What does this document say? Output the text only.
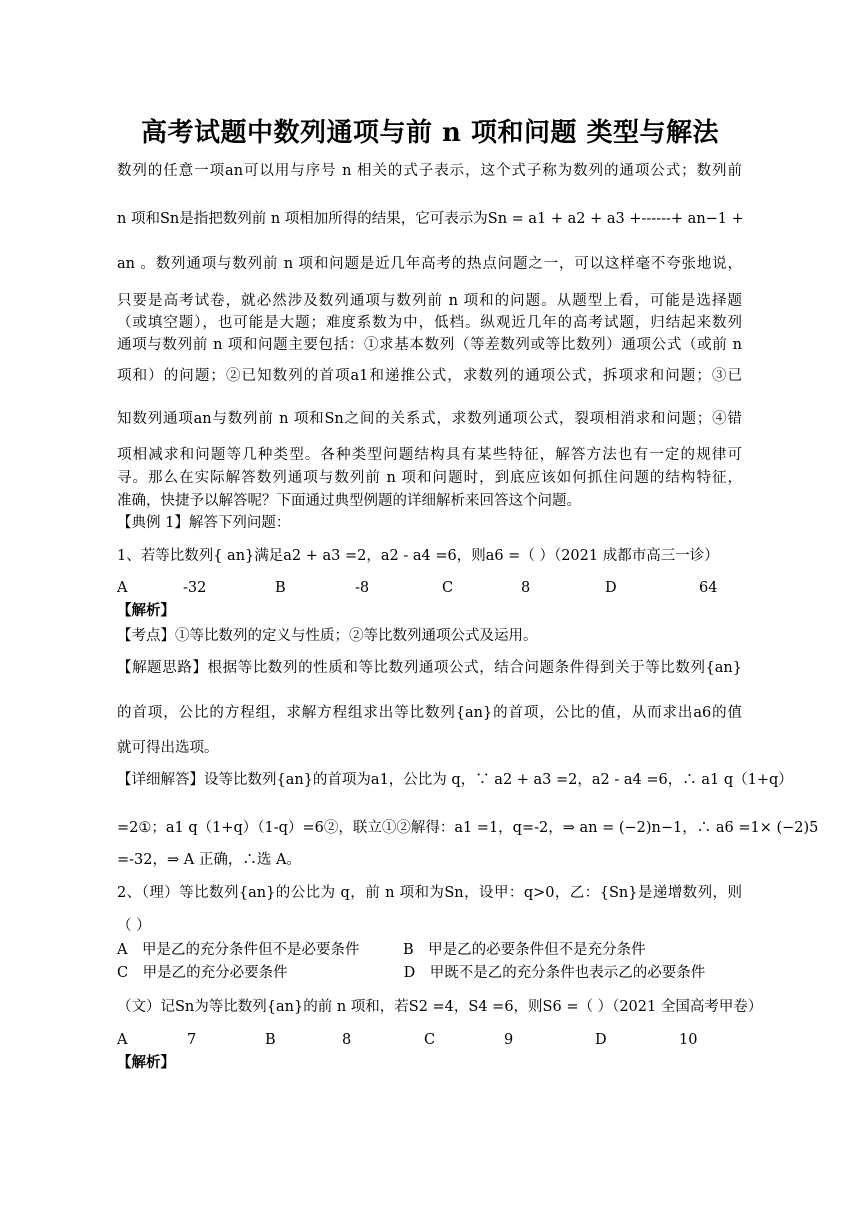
高考试题中数列通项与前 n 项和问题 类型与解法
数列的任意一项an可以用与序号 n 相关的式子表示，这个式子称为数列的通项公式；数列前
n 项和Sn是指把数列前 n 项相加所得的结果，它可表示为Sn = a1 + a2 + a3 +------+ an−1 +
an 。数列通项与数列前 n 项和问题是近几年高考的热点问题之一，可以这样毫不夸张地说，
只要是高考试卷，就必然涉及数列通项与数列前 n 项和的问题。从题型上看，可能是选择题
（或填空题），也可能是大题；难度系数为中，低档。纵观近几年的高考试题，归结起来数列
通项与数列前 n 项和问题主要包括：①求基本数列（等差数列或等比数列）通项公式（或前 n
项和）的问题；②已知数列的首项a1和递推公式，求数列的通项公式，拆项求和问题；③已
知数列通项an与数列前 n 项和Sn之间的关系式，求数列通项公式，裂项相消求和问题；④错
项相减求和问题等几种类型。各种类型问题结构具有某些特征，解答方法也有一定的规律可
寻。那么在实际解答数列通项与数列前 n 项和问题时，到底应该如何抓住问题的结构特征，
准确，快捷予以解答呢？下面通过典型例题的详细解析来回答这个问题。
【典例 1】解答下列问题：
1、若等比数列{ an}满足a2 + a3 =2，a2 - a4 =6，则a6 =（ ）（2021 成都市高三一诊）
A	-32	B	-8	C	8	D	64
【解析】
【考点】①等比数列的定义与性质；②等比数列通项公式及运用。
【解题思路】根据等比数列的性质和等比数列通项公式，结合问题条件得到关于等比数列{an}
的首项，公比的方程组，求解方程组求出等比数列{an}的首项，公比的值，从而求出a6的值
就可得出选项。
【详细解答】设等比数列{an}的首项为a1，公比为 q，∵ a2 + a3 =2，a2 - a4 =6，∴ a1 q（1+q）
=2①；a1 q（1+q）（1-q）=6②，联立①②解得：a1 =1，q=-2，⇒ an = (−2)n−1，∴ a6 =1× (−2)5
=-32，⇒ A 正确，∴选 A。
2、（理）等比数列{an}的公比为 q，前 n 项和为Sn，设甲：q>0，乙：{Sn}是递增数列，则
（ ）
A　甲是乙的充分条件但不是必要条件　　　B　甲是乙的必要条件但不是充分条件
C　甲是乙的充分必要条件　　　　　　　　D　甲既不是乙的充分条件也表示乙的必要条件
（文）记Sn为等比数列{an}的前 n 项和，若S2 =4，S4 =6，则S6 =（ ）（2021 全国高考甲卷）
A	7	B	8	C	9	D	10
【解析】
